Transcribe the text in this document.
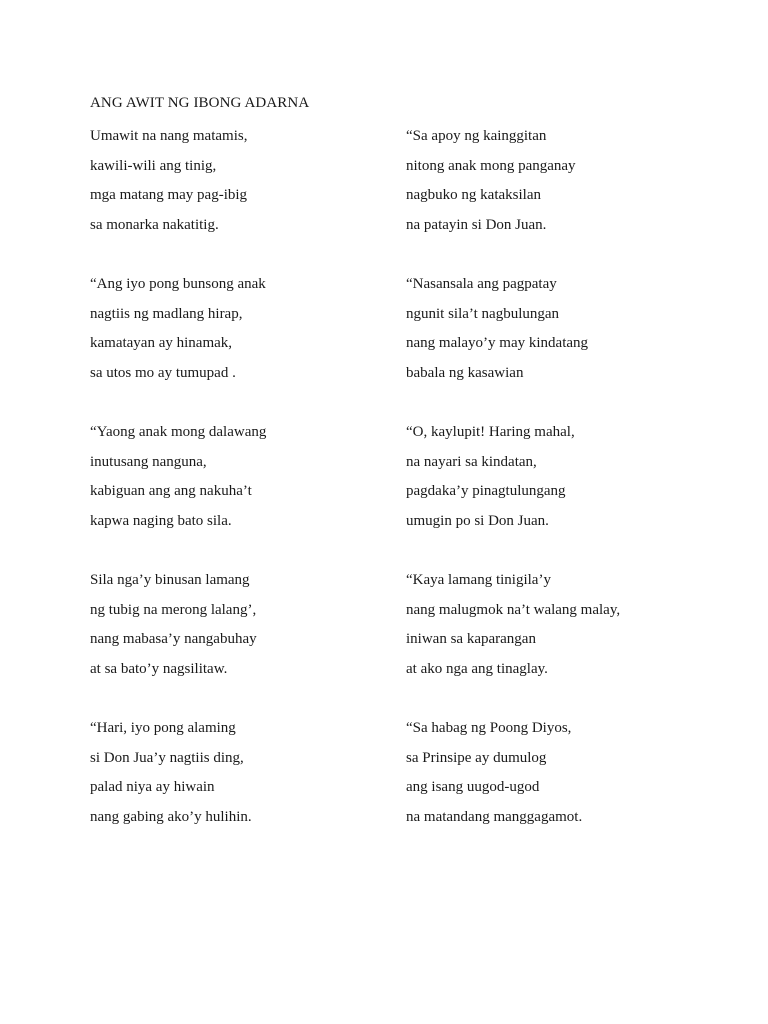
ANG AWIT NG IBONG ADARNA
Umawit na nang matamis,
kawili-wili ang tinig,
mga matang may pag-ibig
sa monarka nakatitig.
“Ang iyo pong bunsong anak
nagtiis ng madlang hirap,
kamatayan ay hinamak,
sa utos mo ay tumupad .
“Yaong anak mong dalawang
inutusang nanguna,
kabiguan ang ang nakuha’t
kapwa naging bato sila.
Sila nga’y binusan lamang
ng tubig na merong lalang’,
nang mabasa’y nangabuhay
at sa bato’y nagsilitaw.
“Hari, iyo pong alaming
si Don Jua’y nagtiis ding,
palad niya ay hiwain
nang gabing ako’y hulihin.
“Sa apoy ng kainggitan
nitong anak mong panganay
nagbuko ng kataksilan
na patayin si Don Juan.
“Nasansala ang pagpatay
ngunit sila’t nagbulungan
nang malayo’y may kindatang
babala ng kasawian
“O, kaylupit! Haring mahal,
na nayari sa kindatan,
pagdaka’y pinagtulungang
umugin po si Don Juan.
“Kaya lamang tinigila’y
nang malugmok na’t walang malay,
iniwan sa kaparangan
at ako nga ang tinaglay.
“Sa habag ng Poong Diyos,
sa Prinsipe ay dumulog
ang isang uugod-ugod
na matandang manggagamot.
